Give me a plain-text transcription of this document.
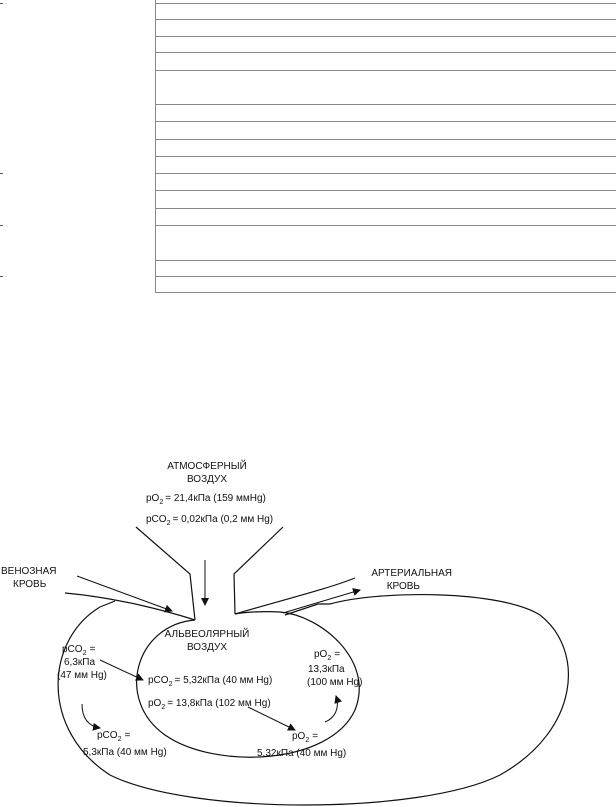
АТМОСФЕРНЫЙ
ВОЗДУХ
$pO_2 = 21,4кПа$ (159 ммHg)
pCO$_2$ = 0,02кПа (0,2 мм Hg)
ВЕНОЗНАЯ
КРОВЬ
АРТЕРИАЛЬНАЯ
КРОВЬ
АЛЬВЕОЛЯРНЫЙ
ВОЗДУХ
pCO$_2$ = 5,32кПа (40 мм Hg)
$pO_2 = 13,8кПа$ (102 мм Hg)
pCO$_2$ =
6,3кПа
(47 мм Hg)
pCO$_2$ =
5,3кПа (40 мм Hg)
$pO_2$ =
13,3кПа
(100 мм Hg)
$pO_2$ =
5,32кПа (40 мм Hg)
